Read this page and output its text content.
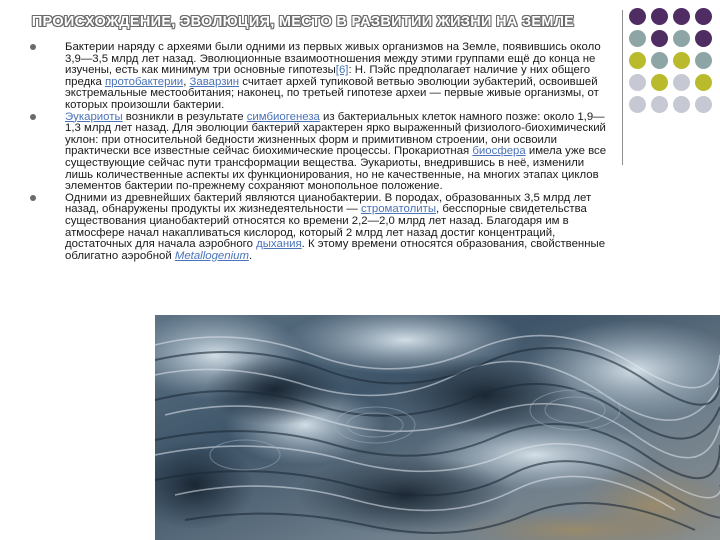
ПРОИСХОЖДЕНИЕ, ЭВОЛЮЦИЯ, МЕСТО В РАЗВИТИИ ЖИЗНИ НА ЗЕМЛЕ
Бактерии наряду с археями были одними из первых живых организмов на Земле, появившись около 3,9—3,5 млрд лет назад. Эволюционные взаимоотношения между этими группами ещё до конца не изучены, есть как минимум три основные гипотезы[6]: Н. Пэйс предполагает наличие у них общего предка протобактерии, Заварзин считает архей тупиковой ветвью эволюции эубактерий, освоившей экстремальные местообитания; наконец, по третьей гипотезе археи — первые живые организмы, от которых произошли бактерии.
Эукариоты возникли в результате симбиогенеза из бактериальных клеток намного позже: около 1,9—1,3 млрд лет назад. Для эволюции бактерий характерен ярко выраженный физиолого-биохимический уклон: при относительной бедности жизненных форм и примитивном строении, они освоили практически все известные сейчас биохимические процессы. Прокариотная биосфера имела уже все существующие сейчас пути трансформации вещества. Эукариоты, внедрившись в неё, изменили лишь количественные аспекты их функционирования, но не качественные, на многих этапах циклов элементов бактерии по-прежнему сохраняют монопольное положение.
Одними из древнейших бактерий являются цианобактерии. В породах, образованных 3,5 млрд лет назад, обнаружены продукты их жизнедеятельности — строматолиты, бесспорные свидетельства существования цианобактерий относятся ко времени 2,2—2,0 млрд лет назад. Благодаря им в атмосфере начал накапливаться кислород, который 2 млрд лет назад достиг концентраций, достаточных для начала аэробного дыхания. К этому времени относятся образования, свойственные облигатно аэробной Metallogenium.
